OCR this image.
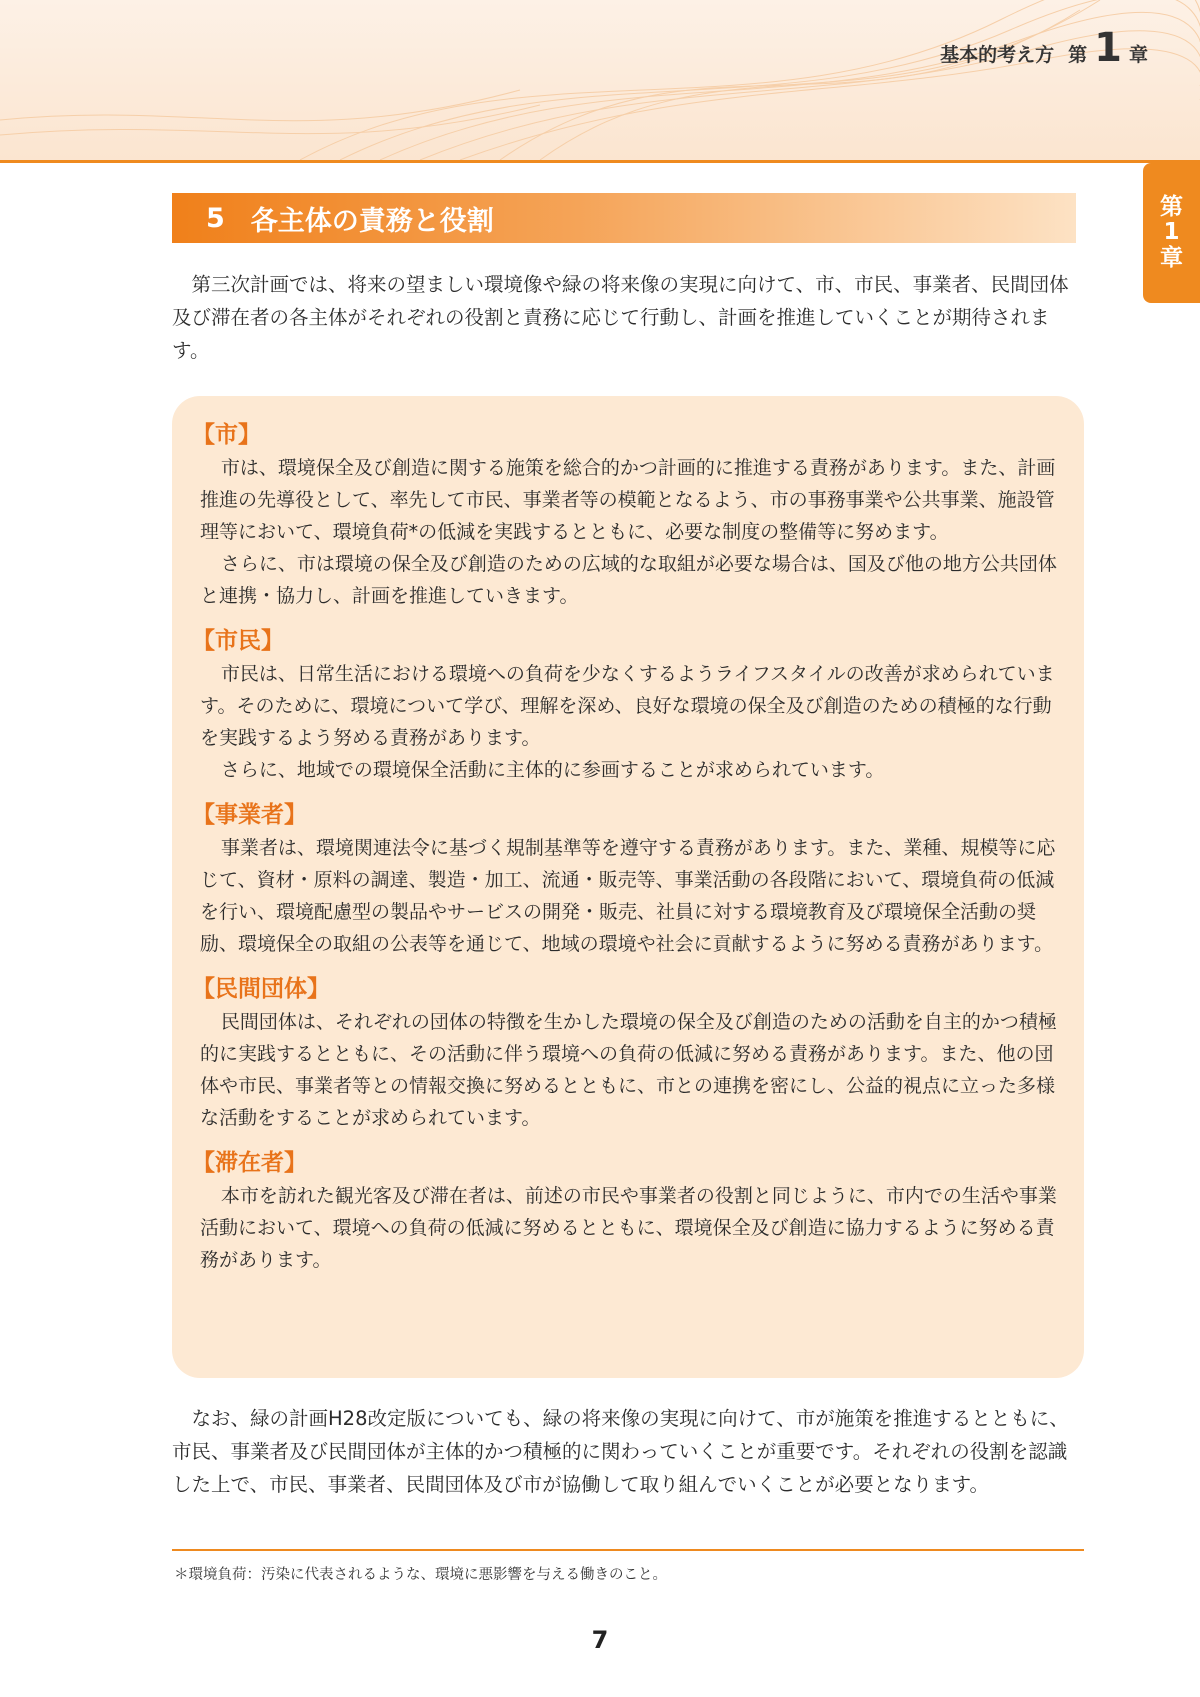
基本的考え方 第 1 章
第
1
章
5 各主体の責務と役割

第三次計画では、将来の望ましい環境像や緑の将来像の実現に向けて、市、市民、事業者、民間団体及び滞在者の各主体がそれぞれの役割と責務に応じて行動し、計画を推進していくことが期待されます。

【市】

市は、環境保全及び創造に関する施策を総合的かつ計画的に推進する責務があります。また、計画推進の先導役として、率先して市民、事業者等の模範となるよう、市の事務事業や公共事業、施設管理等において、環境負荷*の低減を実践するとともに、必要な制度の整備等に努めます。

さらに、市は環境の保全及び創造のための広域的な取組が必要な場合は、国及び他の地方公共団体と連携・協力し、計画を推進していきます。

【市民】

市民は、日常生活における環境への負荷を少なくするようライフスタイルの改善が求められています。そのために、環境について学び、理解を深め、良好な環境の保全及び創造のための積極的な行動を実践するよう努める責務があります。

さらに、地域での環境保全活動に主体的に参画することが求められています。

【事業者】

事業者は、環境関連法令に基づく規制基準等を遵守する責務があります。また、業種、規模等に応じて、資材・原料の調達、製造・加工、流通・販売等、事業活動の各段階において、環境負荷の低減を行い、環境配慮型の製品やサービスの開発・販売、社員に対する環境教育及び環境保全活動の奨励、環境保全の取組の公表等を通じて、地域の環境や社会に貢献するように努める責務があります。

【民間団体】

民間団体は、それぞれの団体の特徴を生かした環境の保全及び創造のための活動を自主的かつ積極的に実践するとともに、その活動に伴う環境への負荷の低減に努める責務があります。また、他の団体や市民、事業者等との情報交換に努めるとともに、市との連携を密にし、公益的視点に立った多様な活動をすることが求められています。

【滞在者】

本市を訪れた観光客及び滞在者は、前述の市民や事業者の役割と同じように、市内での生活や事業活動において、環境への負荷の低減に努めるとともに、環境保全及び創造に協力するように努める責務があります。

なお、緑の計画H28改定版についても、緑の将来像の実現に向けて、市が施策を推進するとともに、市民、事業者及び民間団体が主体的かつ積極的に関わっていくことが重要です。それぞれの役割を認識した上で、市民、事業者、民間団体及び市が協働して取り組んでいくことが必要となります。

＊環境負荷：汚染に代表されるような、環境に悪影響を与える働きのこと。
7
